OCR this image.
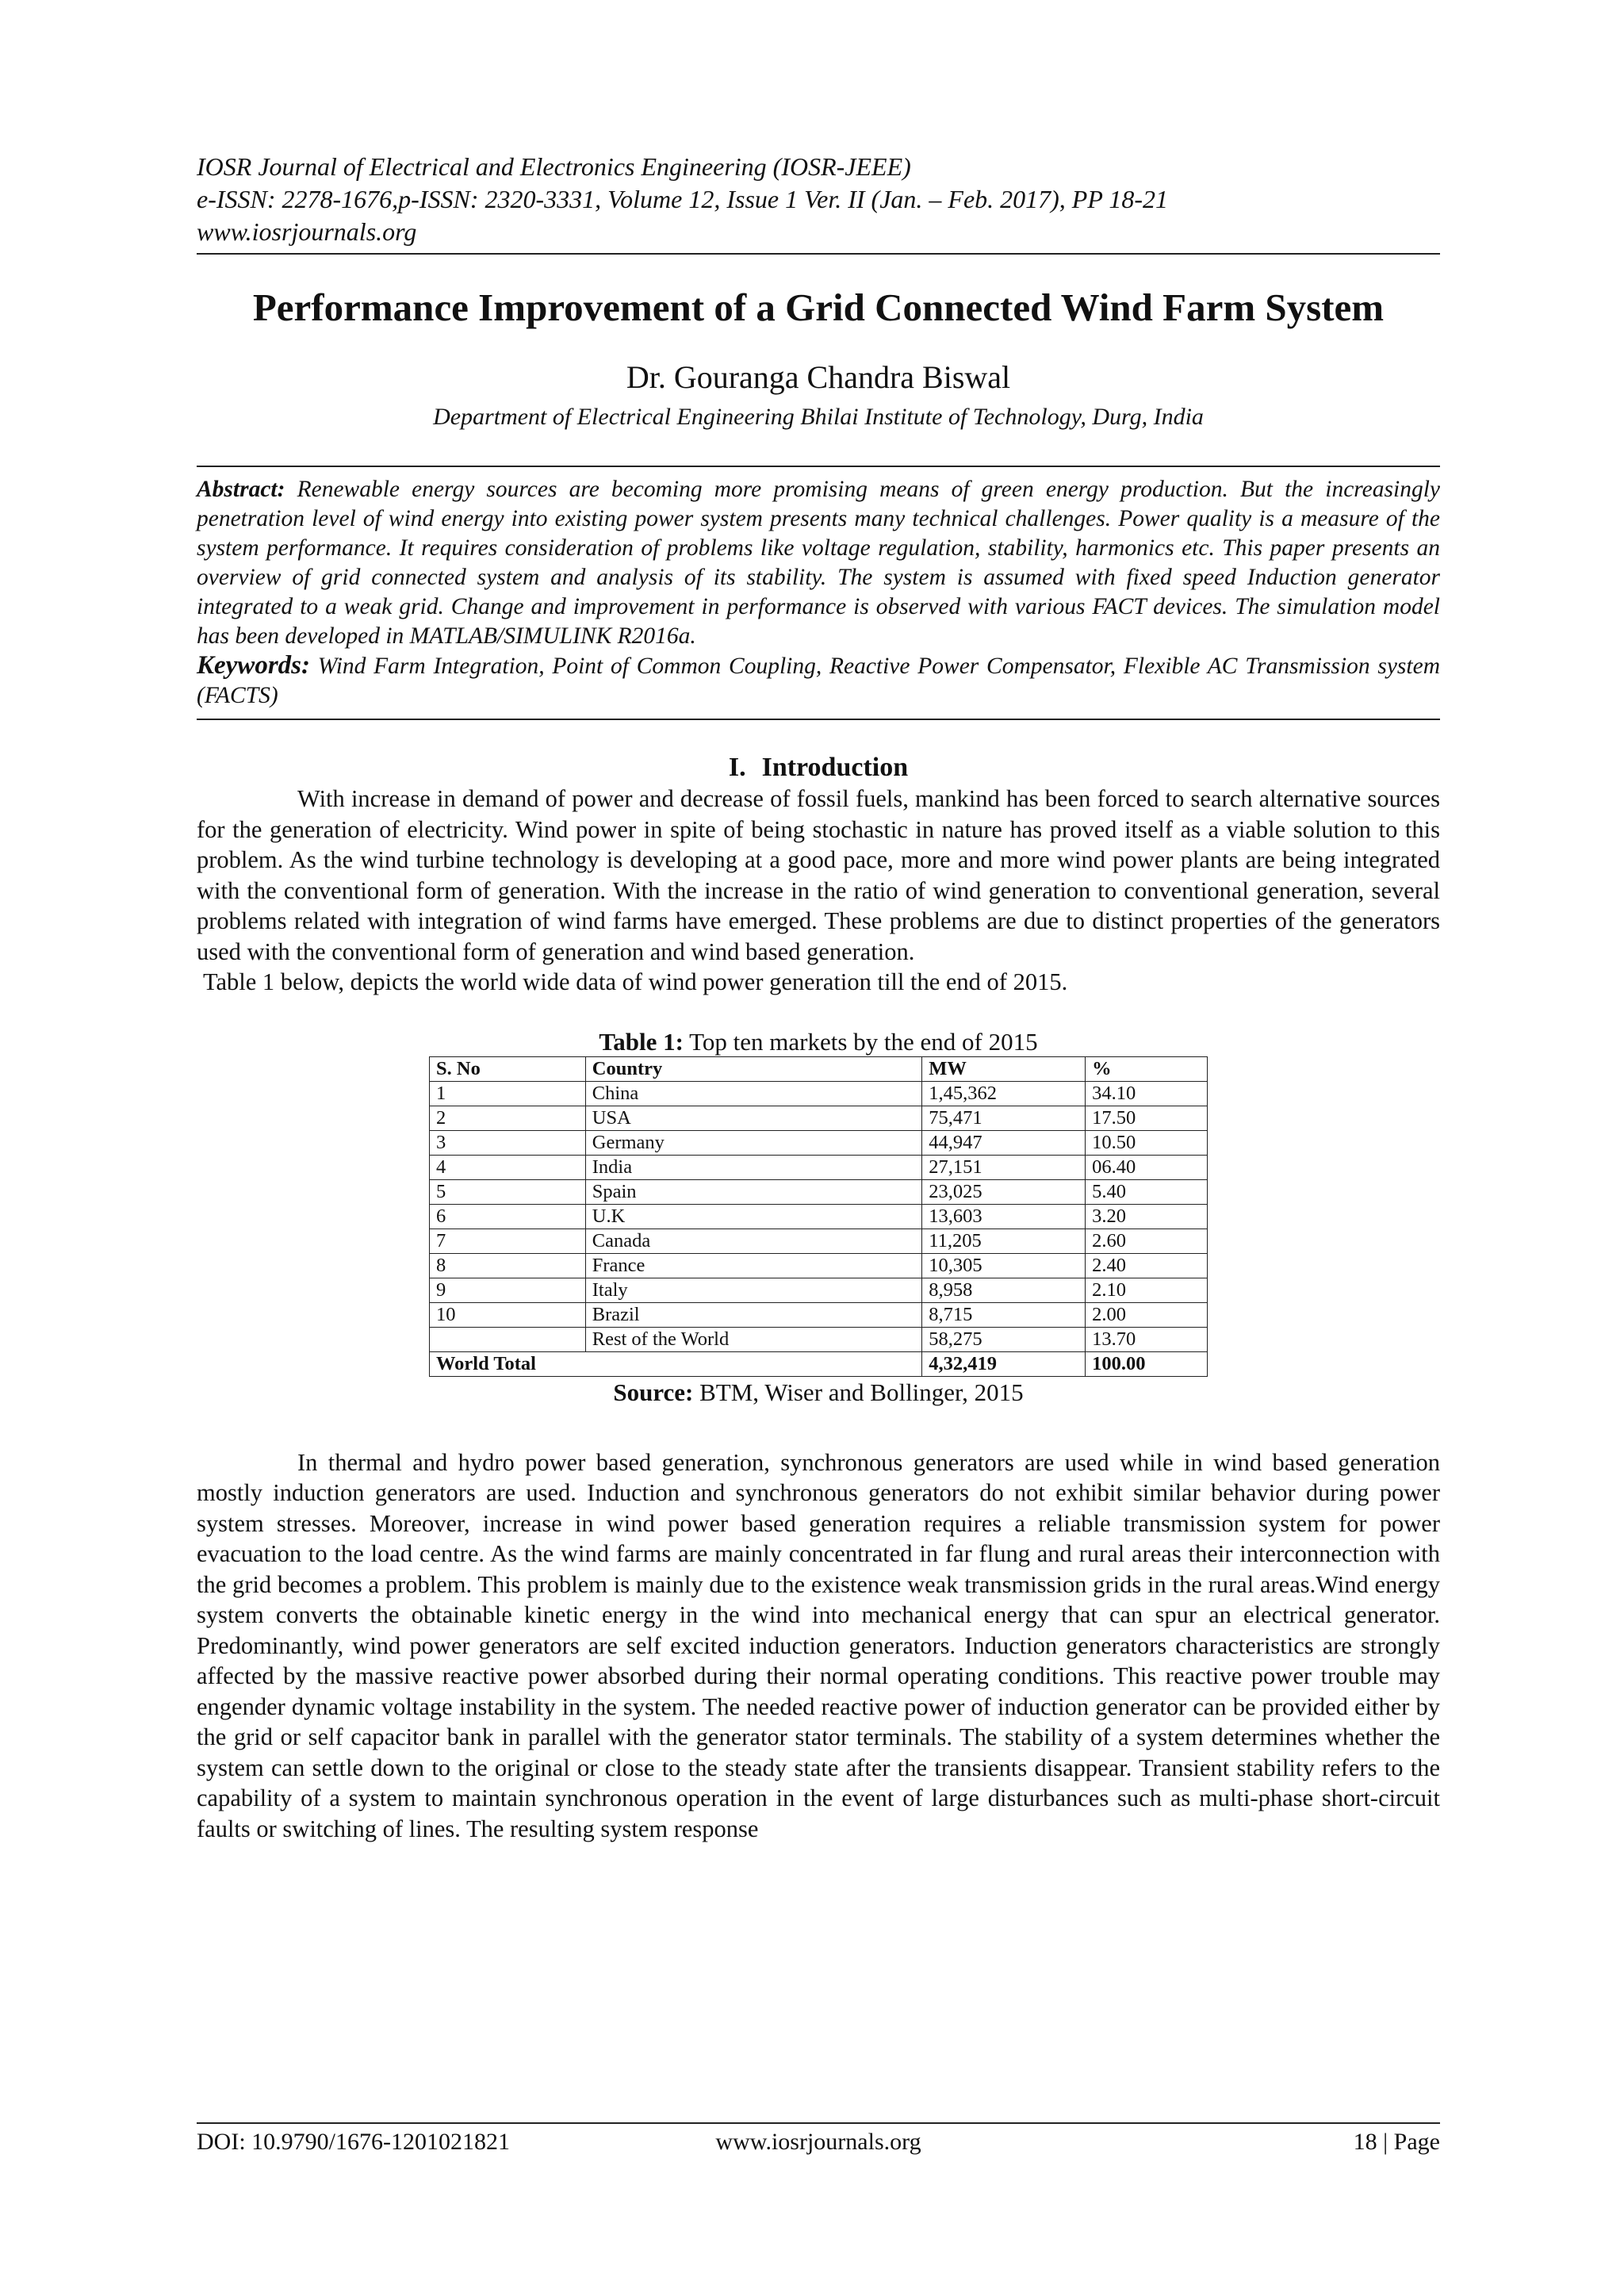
IOSR Journal of Electrical and Electronics Engineering (IOSR-JEEE)
e-ISSN: 2278-1676,p-ISSN: 2320-3331, Volume 12, Issue 1 Ver. II (Jan. – Feb. 2017), PP 18-21
www.iosrjournals.org
Performance Improvement of a Grid Connected Wind Farm System
Dr. Gouranga Chandra Biswal
Department of Electrical Engineering Bhilai Institute of Technology, Durg, India
Abstract: Renewable energy sources are becoming more promising means of green energy production. But the increasingly penetration level of wind energy into existing power system presents many technical challenges. Power quality is a measure of the system performance. It requires consideration of problems like voltage regulation, stability, harmonics etc. This paper presents an overview of grid connected system and analysis of its stability. The system is assumed with fixed speed Induction generator integrated to a weak grid. Change and improvement in performance is observed with various FACT devices. The simulation model has been developed in MATLAB/SIMULINK R2016a.
Keywords: Wind Farm Integration, Point of Common Coupling, Reactive Power Compensator, Flexible AC Transmission system (FACTS)
I. Introduction

With increase in demand of power and decrease of fossil fuels, mankind has been forced to search alternative sources for the generation of electricity. Wind power in spite of being stochastic in nature has proved itself as a viable solution to this problem. As the wind turbine technology is developing at a good pace, more and more wind power plants are being integrated with the conventional form of generation. With the increase in the ratio of wind generation to conventional generation, several problems related with integration of wind farms have emerged. These problems are due to distinct properties of the generators used with the conventional form of generation and wind based generation.

Table 1 below, depicts the world wide data of wind power generation till the end of 2015.

Table 1: Top ten markets by the end of 2015
S. No	Country	MW	%
1	China	1,45,362	34.10
2	USA	75,471	17.50
3	Germany	44,947	10.50
4	India	27,151	06.40
5	Spain	23,025	5.40
6	U.K	13,603	3.20
7	Canada	11,205	2.60
8	France	10,305	2.40
9	Italy	8,958	2.10
10	Brazil	8,715	2.00
	Rest of the World	58,275	13.70
World Total		4,32,419	100.00
Source: BTM, Wiser and Bollinger, 2015

In thermal and hydro power based generation, synchronous generators are used while in wind based generation mostly induction generators are used. Induction and synchronous generators do not exhibit similar behavior during power system stresses. Moreover, increase in wind power based generation requires a reliable transmission system for power evacuation to the load centre. As the wind farms are mainly concentrated in far flung and rural areas their interconnection with the grid becomes a problem. This problem is mainly due to the existence weak transmission grids in the rural areas.Wind energy system converts the obtainable kinetic energy in the wind into mechanical energy that can spur an electrical generator. Predominantly, wind power generators are self excited induction generators. Induction generators characteristics are strongly affected by the massive reactive power absorbed during their normal operating conditions. This reactive power trouble may engender dynamic voltage instability in the system. The needed reactive power of induction generator can be provided either by the grid or self capacitor bank in parallel with the generator stator terminals. The stability of a system determines whether the system can settle down to the original or close to the steady state after the transients disappear. Transient stability refers to the capability of a system to maintain synchronous operation in the event of large disturbances such as multi-phase short-circuit faults or switching of lines. The resulting system response

DOI: 10.9790/1676-1201021821	www.iosrjournals.org	18 | Page
